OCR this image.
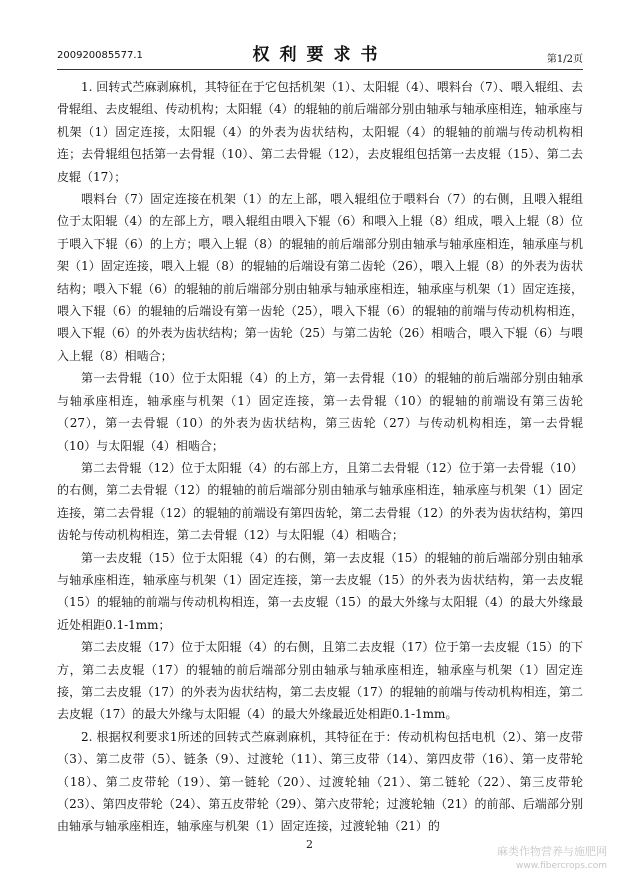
200920085577.1	权利要求书	第1/2页

1. 回转式苎麻剥麻机，其特征在于它包括机架（1）、太阳辊（4）、喂料台（7）、喂入辊组、去骨辊组、去皮辊组、传动机构；太阳辊（4）的辊轴的前后端部分别由轴承与轴承座相连，轴承座与机架（1）固定连接，太阳辊（4）的外表为齿状结构，太阳辊（4）的辊轴的前端与传动机构相连；去骨辊组包括第一去骨辊（10）、第二去骨辊（12），去皮辊组包括第一去皮辊（15）、第二去皮辊（17）；

喂料台（7）固定连接在机架（1）的左上部，喂入辊组位于喂料台（7）的右侧，且喂入辊组位于太阳辊（4）的左部上方，喂入辊组由喂入下辊（6）和喂入上辊（8）组成，喂入上辊（8）位于喂入下辊（6）的上方；喂入上辊（8）的辊轴的前后端部分别由轴承与轴承座相连，轴承座与机架（1）固定连接，喂入上辊（8）的辊轴的后端设有第二齿轮（26），喂入上辊（8）的外表为齿状结构；喂入下辊（6）的辊轴的前后端部分别由轴承与轴承座相连，轴承座与机架（1）固定连接，喂入下辊（6）的辊轴的后端设有第一齿轮（25），喂入下辊（6）的辊轴的前端与传动机构相连，喂入下辊（6）的外表为齿状结构；第一齿轮（25）与第二齿轮（26）相啮合，喂入下辊（6）与喂入上辊（8）相啮合；

第一去骨辊（10）位于太阳辊（4）的上方，第一去骨辊（10）的辊轴的前后端部分别由轴承与轴承座相连，轴承座与机架（1）固定连接，第一去骨辊（10）的辊轴的前端设有第三齿轮（27），第一去骨辊（10）的外表为齿状结构，第三齿轮（27）与传动机构相连，第一去骨辊（10）与太阳辊（4）相啮合；

第二去骨辊（12）位于太阳辊（4）的右部上方，且第二去骨辊（12）位于第一去骨辊（10）的右侧，第二去骨辊（12）的辊轴的前后端部分别由轴承与轴承座相连，轴承座与机架（1）固定连接，第二去骨辊（12）的辊轴的前端设有第四齿轮，第二去骨辊（12）的外表为齿状结构，第四齿轮与传动机构相连，第二去骨辊（12）与太阳辊（4）相啮合；

第一去皮辊（15）位于太阳辊（4）的右侧，第一去皮辊（15）的辊轴的前后端部分别由轴承与轴承座相连，轴承座与机架（1）固定连接，第一去皮辊（15）的外表为齿状结构，第一去皮辊（15）的辊轴的前端与传动机构相连，第一去皮辊（15）的最大外缘与太阳辊（4）的最大外缘最近处相距0.1-1mm；

第二去皮辊（17）位于太阳辊（4）的右侧，且第二去皮辊（17）位于第一去皮辊（15）的下方，第二去皮辊（17）的辊轴的前后端部分别由轴承与轴承座相连，轴承座与机架（1）固定连接，第二去皮辊（17）的外表为齿状结构，第二去皮辊（17）的辊轴的前端与传动机构相连，第二去皮辊（17）的最大外缘与太阳辊（4）的最大外缘最近处相距0.1-1mm。

2. 根据权利要求1所述的回转式苎麻剥麻机，其特征在于：传动机构包括电机（2）、第一皮带（3）、第二皮带（5）、链条（9）、过渡轮（11）、第三皮带（14）、第四皮带（16）、第一皮带轮（18）、第二皮带轮（19）、第一链轮（20）、过渡轮轴（21）、第二链轮（22）、第三皮带轮（23）、第四皮带轮（24）、第五皮带轮（29）、第六皮带轮；过渡轮轴（21）的前部、后端部分别由轴承与轴承座相连，轴承座与机架（1）固定连接，过渡轮轴（21）的

2
麻类作物营养与施肥网
www.fibercrops.com
